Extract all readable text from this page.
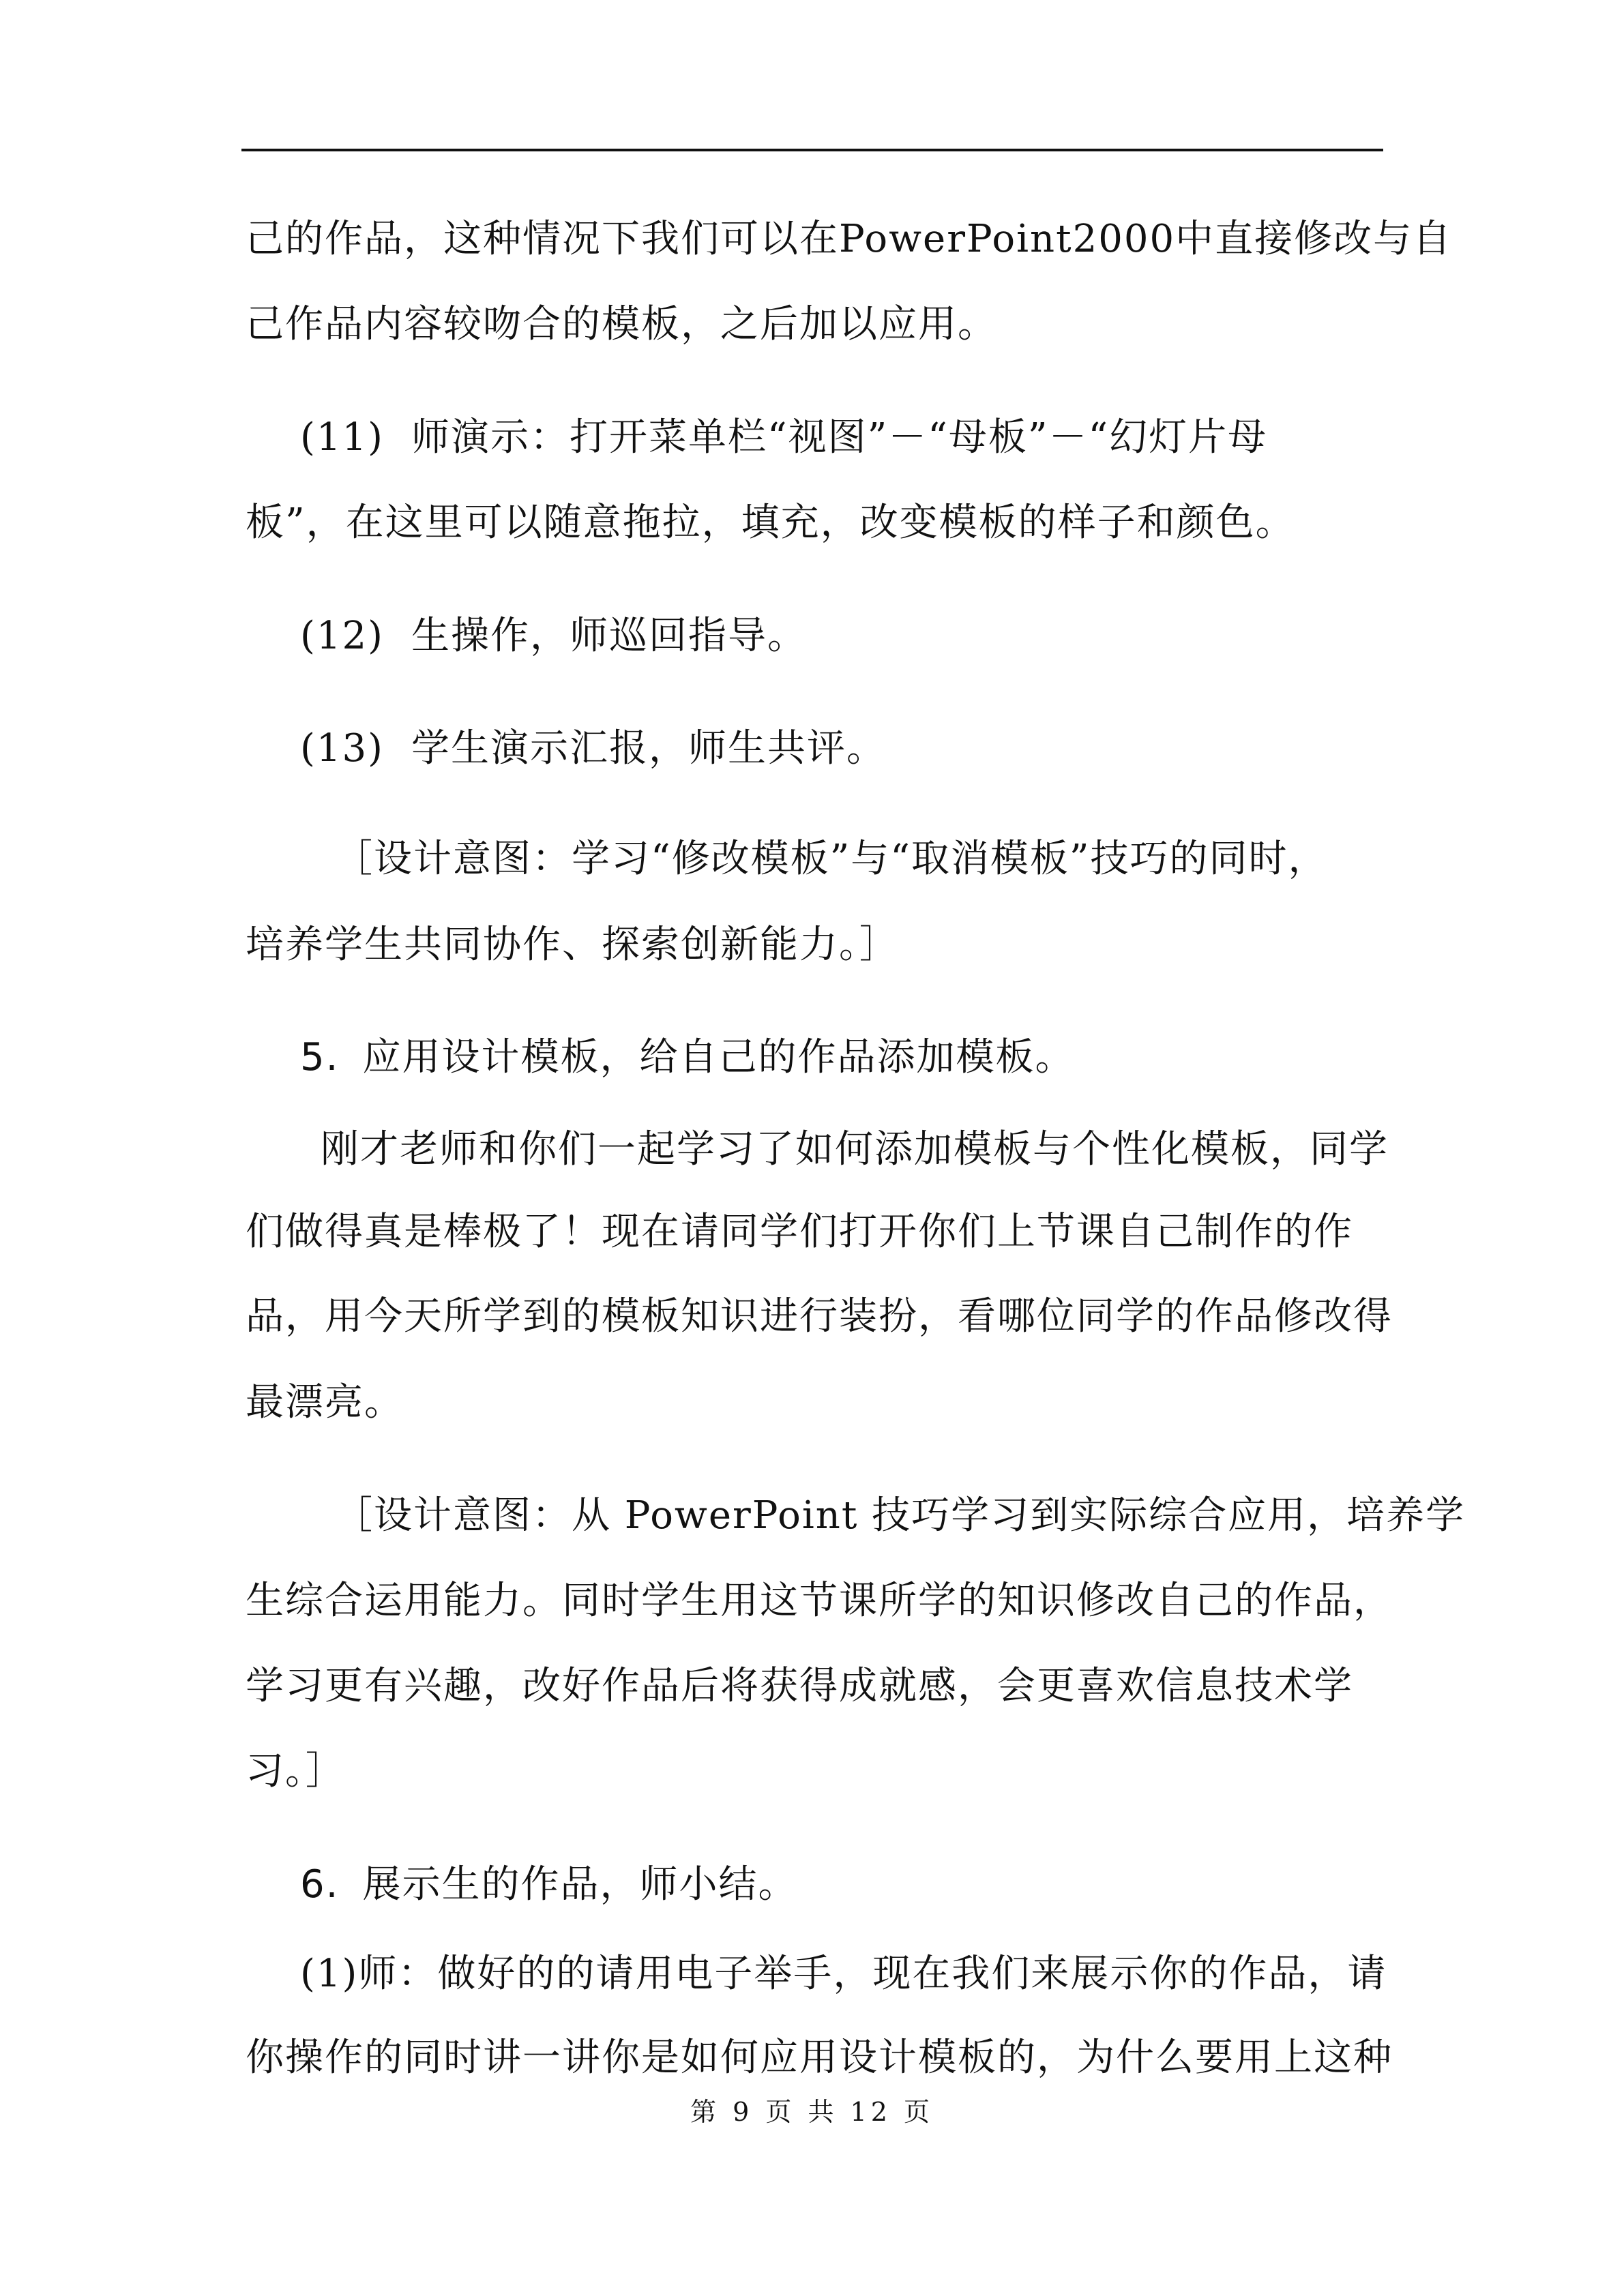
己的作品，这种情况下我们可以在PowerPoint2000中直接修改与自
己作品内容较吻合的模板，之后加以应用。
(11) 师演示：打开菜单栏“视图”－“母板”－“幻灯片母
板”，在这里可以随意拖拉，填充，改变模板的样子和颜色。
(12) 生操作，师巡回指导。
(13) 学生演示汇报，师生共评。
［设计意图：学习“修改模板”与“取消模板”技巧的同时，
培养学生共同协作、探索创新能力。］
5. 应用设计模板，给自己的作品添加模板。
刚才老师和你们一起学习了如何添加模板与个性化模板，同学
们做得真是棒极了！现在请同学们打开你们上节课自己制作的作
品，用今天所学到的模板知识进行装扮，看哪位同学的作品修改得
最漂亮。
［设计意图：从 PowerPoint 技巧学习到实际综合应用，培养学
生综合运用能力。同时学生用这节课所学的知识修改自己的作品，
学习更有兴趣，改好作品后将获得成就感，会更喜欢信息技术学
习。］
6. 展示生的作品，师小结。
(1)师：做好的的请用电子举手，现在我们来展示你的作品，请
你操作的同时讲一讲你是如何应用设计模板的，为什么要用上这种
第 9 页 共 12 页
